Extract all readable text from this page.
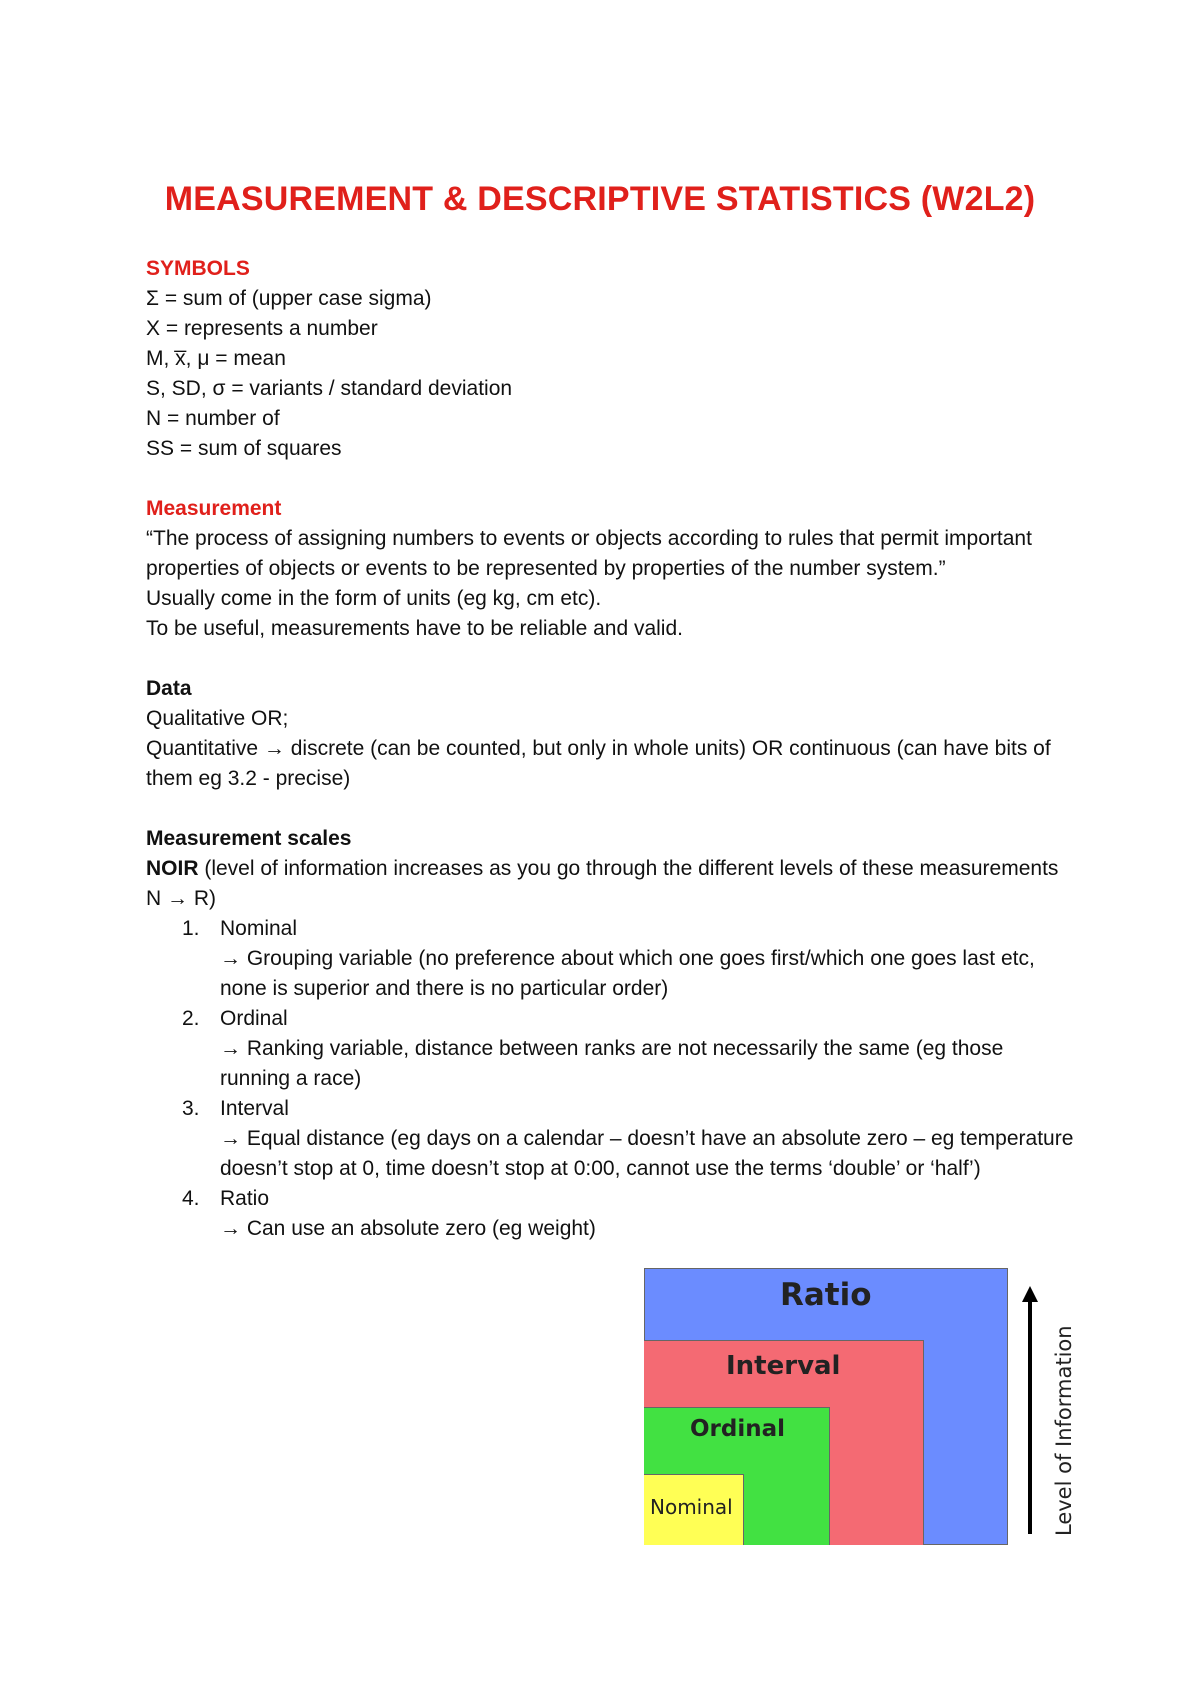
MEASUREMENT & DESCRIPTIVE STATISTICS (W2L2)

SYMBOLS

Σ = sum of (upper case sigma)

X = represents a number

M, x̅, μ = mean

S, SD, σ = variants / standard deviation

N = number of

SS = sum of squares

Measurement

“The process of assigning numbers to events or objects according to rules that permit important properties of objects or events to be represented by properties of the number system.”

Usually come in the form of units (eg kg, cm etc).

To be useful, measurements have to be reliable and valid.

Data

Qualitative OR;

Quantitative → discrete (can be counted, but only in whole units) OR continuous (can have bits of them eg 3.2 - precise)

Measurement scales

NOIR (level of information increases as you go through the different levels of these measurements N → R)

1. Nominal
→ Grouping variable (no preference about which one goes first/which one goes last etc, none is superior and there is no particular order)
2. Ordinal
→ Ranking variable, distance between ranks are not necessarily the same (eg those running a race)
3. Interval
→ Equal distance (eg days on a calendar – doesn’t have an absolute zero – eg temperature doesn’t stop at 0, time doesn’t stop at 0:00, cannot use the terms ‘double’ or ‘half’)
4. Ratio
→ Can use an absolute zero (eg weight)
Ratio
Interval
Ordinal
Nominal	Level of Information
